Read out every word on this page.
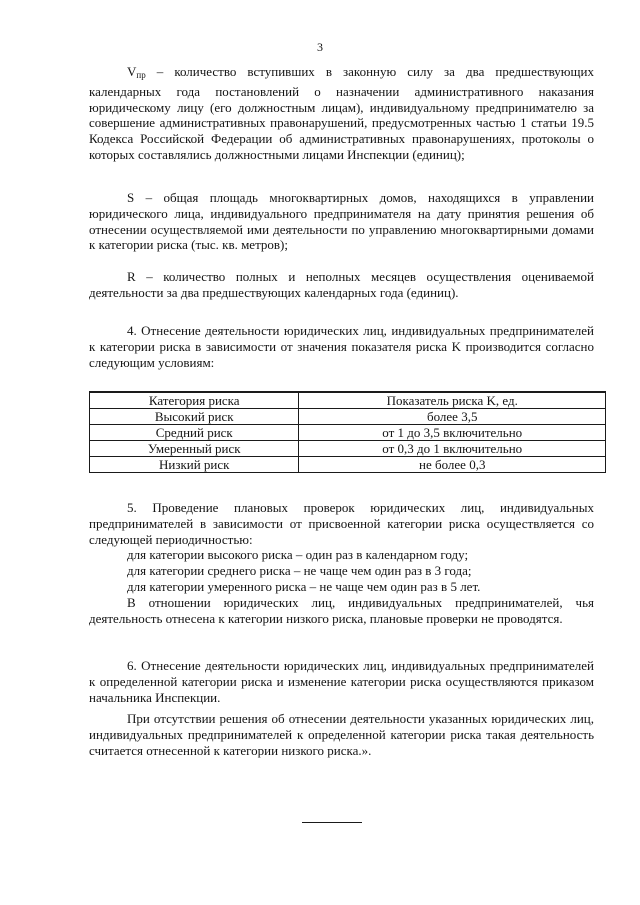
3

$V_{пр}$ – количество вступивших в законную силу за два предшествующих календарных года постановлений о назначении административного наказания юридическому лицу (его должностным лицам), индивидуальному предпринимателю за совершение административных правонарушений, предусмотренных частью 1 статьи 19.5 Кодекса Российской Федерации об административных правонарушениях, протоколы о которых составлялись должностными лицами Инспекции (единиц);

S – общая площадь многоквартирных домов, находящихся в управлении юридического лица, индивидуального предпринимателя на дату принятия решения об отнесении осуществляемой ими деятельности по управлению многоквартирными домами к категории риска (тыс. кв. метров);

R – количество полных и неполных месяцев осуществления оцениваемой деятельности за два предшествующих календарных года (единиц).

4. Отнесение деятельности юридических лиц, индивидуальных предпринимателей к категории риска в зависимости от значения показателя риска K производится согласно следующим условиям:

Категория риска	Показатель риска K, ед.
Высокий риск	более 3,5
Средний риск	от 1 до 3,5 включительно
Умеренный риск	от 0,3 до 1 включительно
Низкий риск	не более 0,3

5. Проведение плановых проверок юридических лиц, индивидуальных предпринимателей в зависимости от присвоенной категории риска осуществляется со следующей периодичностью:

для категории высокого риска – один раз в календарном году;

для категории среднего риска – не чаще чем один раз в 3 года;

для категории умеренного риска – не чаще чем один раз в 5 лет.

В отношении юридических лиц, индивидуальных предпринимателей, чья деятельность отнесена к категории низкого риска, плановые проверки не проводятся.

6. Отнесение деятельности юридических лиц, индивидуальных предпринимателей к определенной категории риска и изменение категории риска осуществляются приказом начальника Инспекции.

При отсутствии решения об отнесении деятельности указанных юридических лиц, индивидуальных предпринимателей к определенной категории риска такая деятельность считается отнесенной к категории низкого риска.».
